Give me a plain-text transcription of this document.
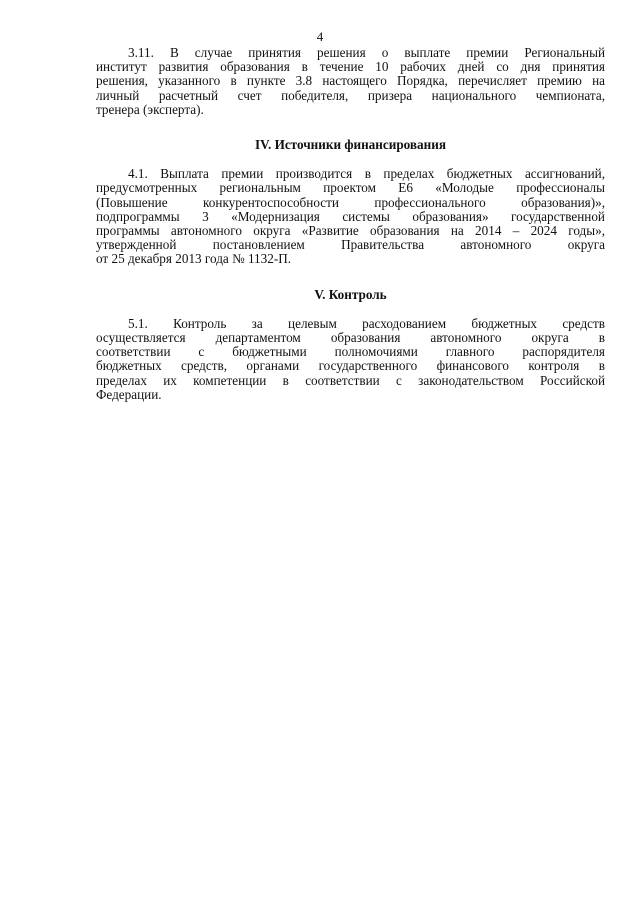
4
3.11. В случае принятия решения о выплате премии Региональный
институт развития образования в течение 10 рабочих дней со дня принятия
решения, указанного в пункте 3.8 настоящего Порядка, перечисляет премию на
личный расчетный счет победителя, призера национального чемпионата,
тренера (эксперта).
IV. Источники финансирования
4.1. Выплата премии производится в пределах бюджетных ассигнований,
предусмотренных региональным проектом Е6 «Молодые профессионалы
(Повышение конкурентоспособности профессионального образования)»,
подпрограммы 3 «Модернизация системы образования» государственной
программы автономного округа «Развитие образования на 2014 – 2024 годы»,
утвержденной постановлением Правительства автономного округа
от 25 декабря 2013 года № 1132-П.
V. Контроль
5.1. Контроль за целевым расходованием бюджетных средств
осуществляется департаментом образования автономного округа в
соответствии с бюджетными полномочиями главного распорядителя
бюджетных средств, органами государственного финансового контроля в
пределах их компетенции в соответствии с законодательством Российской
Федерации.
